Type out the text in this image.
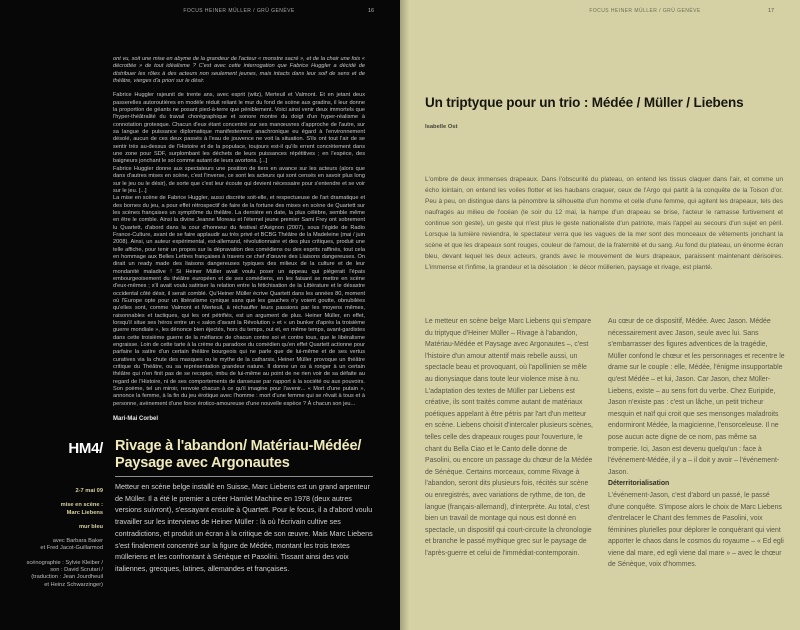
FOCUS HEINER MÜLLER / GRÜ GENÈVE	16

ont vu, soit une mise en abyme de la grandeur de l'acteur « monstre sacré », et de la chair une fois « décrottée » de tout idéalisme ? C'est avec cette interrogation que Fabrice Huggler a décidé de distribuer les rôles à des acteurs non seulement jeunes, mais intacts dans leur soif de sens et de théâtre, vierges d'a priori sur le désir.

Fabrice Huggler rajeunit de trente ans, avec esprit (witz), Merteuil et Valmont. Et en jetant deux passerelles autoroutières en modèle réduit reliant le mur du fond de scène aux gradins, il leur donne la proportion de géants ne posant pied-à-terre que péniblement. Voici ainsi venir deux immortels que l'hyper-théâtralité du travail chorégraphique et sonore montre du doigt d'un hyper-réalisme à connotation grotesque. Chacun d'eux étant concentré sur ses manœuvres d'approche de l'autre, sur sa langue de puissance diplomatique manifestement anachronique eu égard à l'environnement désolé, aucun de ces deux passés à l'eau de jouvence ne voit la situation. S'ils ont tout l'air de se sentir très au-dessus de l'Histoire et de la populace, toujours est-il qu'ils errent concrètement dans une zone pour SDF, surplombant les déchets de leurs puissances répétitives ; en l'espèce, des baigneurs jonchant le sol comme autant de leurs avortons. [...]

Fabrice Huggler donne aux spectateurs une position de tiers en avance sur les acteurs (alors que dans d'autres mises en scène, c'est l'inverse, ce sont les acteurs qui sont censés en savoir plus long sur le jeu ou le désir), de sorte que c'est leur écoute qui devient nécessaire pour s'entendre et se voir sur le jeu. [...]

La mise en scène de Fabrice Huggler, aussi discrète soit-elle, et respectueuse de l'art dramatique et des bornes du jeu, a pour effet rétrospectif de faire de la fortune des mises en scène de Quartett sur les scènes françaises un symptôme du théâtre. La dernière en date, la plus célèbre, semble même en être le comble. Ainsi la divine Jeanne Moreau et l'éternel jeune premier Sami Frey ont sobrement lu Quartett, d'abord dans la cour d'honneur du festival d'Avignon (2007), sous l'égide de Radio France-Culture, avant de se faire applaudir au très privé et BCBG Théâtre de la Madeleine (mai / juin 2008). Ainsi, un auteur expérimental, est-allemand, révolutionnaire et des plus critiques, produit une telle affiche, pour tenir un propos sur la dépravation des comédiens ou des esprits raffinés, tout cela en hommage aux Belles Lettres françaises à travers ce chef d'œuvre des Liaisons dangereuses. On dirait un ready made des liaisons dangereuses typiques des milieux de la culture et de leur mondanité maladive ! Si Heiner Müller avait voulu poser un appeau qui piégerait l'épais embourgeoisement du théâtre européen et de ses comédiens, en les faisant se mettre en scène d'eux-mêmes ; s'il avait voulu satiriser la relation entre la fétichisation de la Littérature et le désastre occidental côté désir, il serait comblé. Qu'Heiner Müller écrive Quartett dans les années 80, moment où l'Europe opte pour un libéralisme cynique sans que les gauches n'y voient goutte, obnubilées qu'elles sont, comme Valmont et Merteuil, à réchauffer leurs passions par les moyens mêmes, raisonnables et tactiques, qui les ont pétrifiés, est un argument de plus. Heiner Müller, en effet, lorsqu'il situe ses héros entre un « salon d'avant la Révolution » et « un bunker d'après la troisième guerre mondiale », les dénonce bien éjectés, hors du temps, out et, en même temps, avant-gardistes dans cette troisième guerre de la méfiance de chacun contre soi et contre tous, que le libéralisme engraisse. Loin de cette tarte à la crème du paradoxe du comédien qu'en effet Quartett actionne pour parfaire la satire d'un certain théâtre bourgeois qui ne parle que de lui-même et de ses vertus curatives via la chute des masques ou le mythe de la catharsis, Heiner Müller provoque un théâtre critique du Théâtre, ou sa représentation grandeur nature. Il donne un os à ronger à un certain théâtre qui n'en finit pas de se recopier, imbu de lui-même au point de ne rien voir de sa défaite au regard de l'Histoire, ni de ses comportements de danseuse par rapport à la société ou aux pouvoirs. Son poème, tel un miroir, renvoie chacun à ce qu'il imagine pour l'avenir... « Mort d'une putain », annonce la femme, à la fin du jeu érotique avec l'homme : mort d'une femme qui se rêvait à tous et à personne, avènement d'une force érotico-amoureuse d'une nouvelle espèce ? À chacun son jeu...

Mari-Mai Corbel
HM4/ Rivage à l'abandon/ Matériau-Médée/
Paysage avec Argonautes
2-7 mai 09
mise en scène :
Marc Liebens
mur bleu
avec Barbara Baker
et Fred Jacot-Guillarmod
scénographie : Sylvie Kleiber /
son : David Scrutari /
(traduction : Jean Jourdheuil
et Heinz Schwarzinger)
Metteur en scène belge installé en Suisse, Marc Liebens est un grand arpenteur de Müller. Il a été le premier a créer Hamlet Machine en 1978 (deux autres versions suivront), s'essayant ensuite à Quartett. Pour le focus, il a d'abord voulu travailler sur les interviews de Heiner Müller : là où l'écrivain cultive ses contradictions, et produit un écran à la critique de son œuvre. Mais Marc Liebens s'est finalement concentré sur la figure de Médée, montant les trois textes mülleriens et les confrontant à Sénèque et Pasolini. Tissant ainsi des voix italiennes, grecques, latines, allemandes et françaises.
FOCUS HEINER MÜLLER / GRÜ GENÈVE	17
Un triptyque pour un trio : Médée / Müller / Liebens
Isabelle Ost
L'ombre de deux immenses drapeaux. Dans l'obscurité du plateau, on entend les tissus claquer dans l'air, et comme un écho lointain, on entend les voiles flotter et les haubans craquer, ceux de l'Argo qui partit à la conquête de la Toison d'or. Peu à peu, on distingue dans la pénombre la silhouette d'un homme et celle d'une femme, qui agitent les drapeaux, tels des naufragés au milieu de l'océan (le soir du 12 mai, la hampe d'un drapeau se brise, l'acteur le ramasse furtivement et continue son geste), un geste qui n'est plus le geste nationaliste d'un patriote, mais l'appel au secours d'un sujet en péril. Lorsque la lumière reviendra, le spectateur verra que les vagues de la mer sont des monceaux de vêtements jonchant la scène et que les drapeaux sont rouges, couleur de l'amour, de la fraternité et du sang. Au fond du plateau, un énorme écran bleu, devant lequel les deux acteurs, grands avec le mouvement de leurs drapeaux, paraissent maintenant dérisoires. L'immense et l'infime, la grandeur et la désolation : le décor müllerien, paysage et rivage, est planté.

Le metteur en scène belge Marc Liebens qui s'empare du triptyque d'Heiner Müller – Rivage à l'abandon, Matériau-Médée et Paysage avec Argonautes –, c'est l'histoire d'un amour attentif mais rebelle aussi, un spectacle beau et provoquant, où l'apollinien se mêle au dionysiaque dans toute leur violence mise à nu. L'adaptation des textes de Müller par Liebens est créative, ils sont traités comme autant de matériaux poétiques appelant à être pétris par l'art d'un metteur en scène. Liebens choisit d'intercaler plusieurs scènes, telles celle des drapeaux rouges pour l'ouverture, le chant du Bella Ciao et le Canto delle donne de Pasolini, ou encore un passage du chœur de la Médée de Sénèque. Certains morceaux, comme Rivage à l'abandon, seront dits plusieurs fois, récités sur scène ou enregistrés, avec variations de rythme, de ton, de langue (français-allemand), d'interprète. Au total, c'est bien un travail de montage qui nous est donné en spectacle, un dispositif qui court-circuite la chronologie et branche le passé mythique grec sur le paysage de l'après-guerre et celui de l'immédiat-contemporain.

Au cœur de ce dispositif, Médée. Avec Jason. Médée nécessairement avec Jason, seule avec lui. Sans s'embarrasser des figures adventices de la tragédie, Müller confond le chœur et les personnages et recentre le drame sur le couple : elle, Médée, l'énigme insupportable qu'est Médée – et lui, Jason. Car Jason, chez Müller-Liebens, existe – au sens fort du verbe. Chez Euripide, Jason n'existe pas : c'est un lâche, un petit tricheur mesquin et naïf qui croit que ses mensonges maladroits endormiront Médée, la magicienne, l'ensorceleuse. Il ne pose aucun acte digne de ce nom, pas même sa tromperie. Ici, Jason est devenu quelqu'un : face à l'événement-Médée, il y a – il doit y avoir – l'événement-Jason.

Déterritorialisation

L'événement-Jason, c'est d'abord un passé, le passé d'une conquête. S'impose alors le choix de Marc Liebens d'entrelacer le Chant des femmes de Pasolini, voix féminines plurielles pour déplorer le conquérant qui vient apporter le chaos dans le cosmos du royaume – « Ed egli viene dal mare, ed egli viene dal mare » – avec le chœur de Sénèque, voix d'hommes.
